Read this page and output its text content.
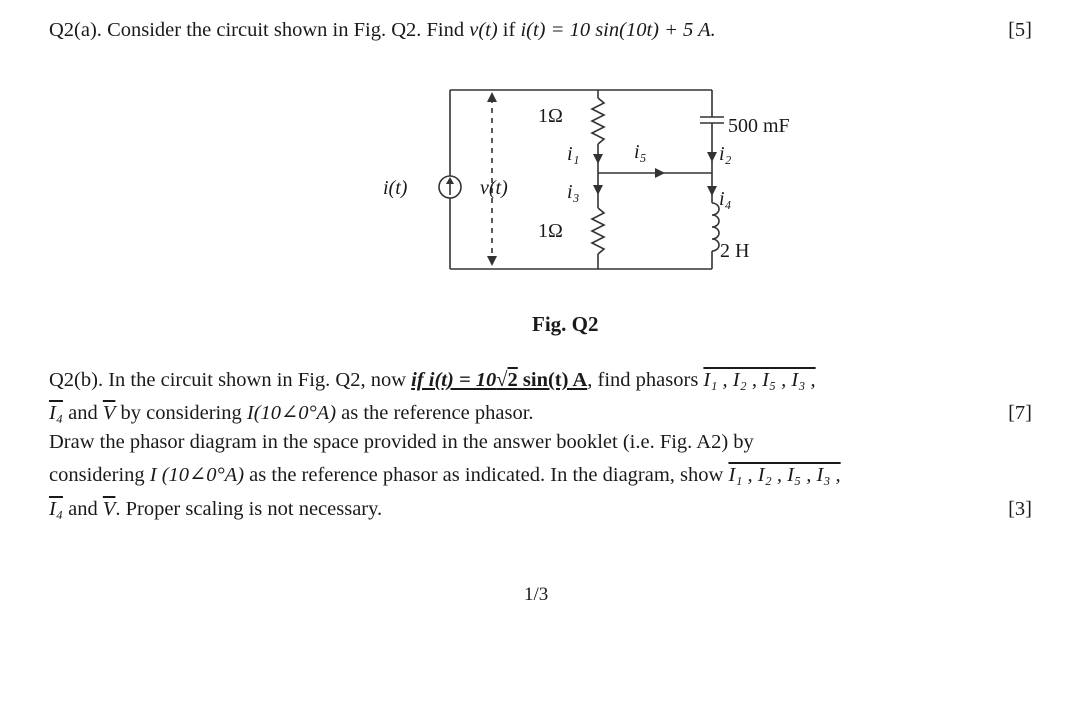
Q2(a). Consider the circuit shown in Fig. Q2. Find v(t) if i(t) = 10 sin(10t) + 5 A.	[5]
i(t)	v(t)
1Ω
1Ω
i₁
i₃
i₅	i₂
i₄
500 mF
2 H
Fig. Q2
Q2(b). In the circuit shown in Fig. Q2, now if i(t) = 10√2 sin(t) A, find phasors I₁ , I₂ , I₅ , I₃ ,
I₄ and $\overline{V}$ by considering I(10∠0°A) as the reference phasor.	[7]
Draw the phasor diagram in the space provided in the answer booklet (i.e. Fig. A2) by
considering I (10∠0°A) as the reference phasor as indicated. In the diagram, show I₁ , I₂ , I₅ , I₃ ,
I₄ and $\overline{V}$. Proper scaling is not necessary.	[3]
1/3
